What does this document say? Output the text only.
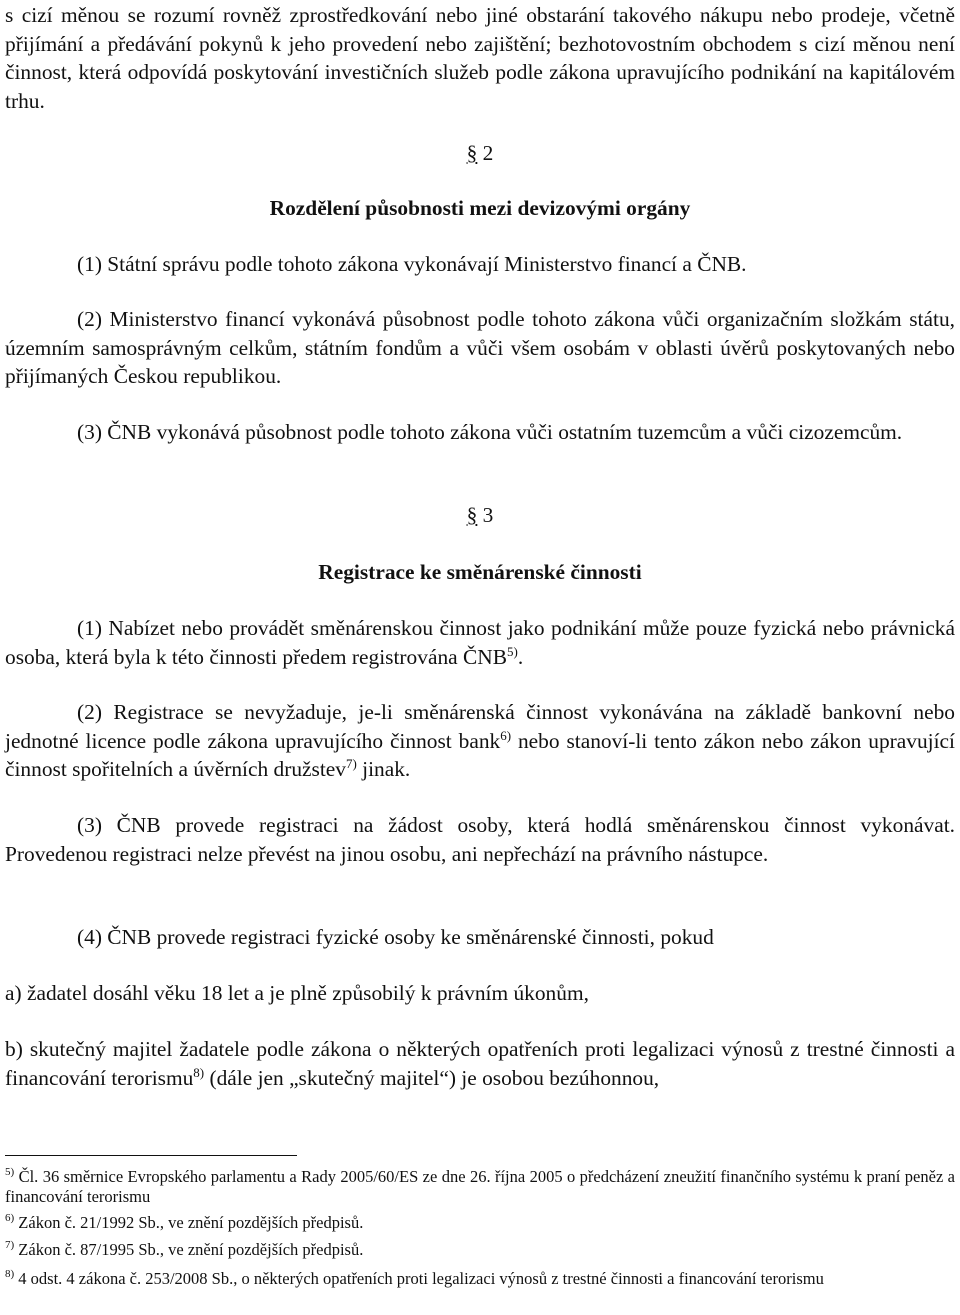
s cizí měnou se rozumí rovněž zprostředkování nebo jiné obstarání takového nákupu nebo prodeje, včetně přijímání a předávání pokynů k jeho provedení nebo zajištění; bezhotovostním obchodem s cizí měnou není činnost, která odpovídá poskytování investičních služeb podle zákona upravujícího podnikání na kapitálovém trhu.

§ 2

Rozdělení působnosti mezi devizovými orgány

(1) Státní správu podle tohoto zákona vykonávají Ministerstvo financí a ČNB.

(2) Ministerstvo financí vykonává působnost podle tohoto zákona vůči organizačním složkám státu, územním samosprávným celkům, státním fondům a vůči všem osobám v oblasti úvěrů poskytovaných nebo přijímaných Českou republikou.

(3) ČNB vykonává působnost podle tohoto zákona vůči ostatním tuzemcům a vůči cizozemcům.

§ 3

Registrace ke směnárenské činnosti

(1) Nabízet nebo provádět směnárenskou činnost jako podnikání může pouze fyzická nebo právnická osoba, která byla k této činnosti předem registrována ČNB$^{5)}$.

(2) Registrace se nevyžaduje, je-li směnárenská činnost vykonávána na základě bankovní nebo jednotné licence podle zákona upravujícího činnost bank$^{6)}$ nebo stanoví-li tento zákon nebo zákon upravující činnost spořitelních a úvěrních družstev$^{7)}$ jinak.

(3) ČNB provede registraci na žádost osoby, která hodlá směnárenskou činnost vykonávat. Provedenou registraci nelze převést na jinou osobu, ani nepřechází na právního nástupce.

(4) ČNB provede registraci fyzické osoby ke směnárenské činnosti, pokud

a) žadatel dosáhl věku 18 let a je plně způsobilý k právním úkonům,

b) skutečný majitel žadatele podle zákona o některých opatřeních proti legalizaci výnosů z trestné činnosti a financování terorismu$^{8)}$ (dále jen „skutečný majitel“) je osobou bezúhonnou,

$^{5)}$ Čl. 36 směrnice Evropského parlamentu a Rady 2005/60/ES ze dne 26. října 2005 o předcházení zneužití finančního systému k praní peněz a financování terorismu

$^{6)}$ Zákon č. 21/1992 Sb., ve znění pozdějších předpisů.

$^{7)}$ Zákon č. 87/1995 Sb., ve znění pozdějších předpisů.

$^{8)}$ 4 odst. 4 zákona č. 253/2008 Sb., o některých opatřeních proti legalizaci výnosů z trestné činnosti a financování terorismu
